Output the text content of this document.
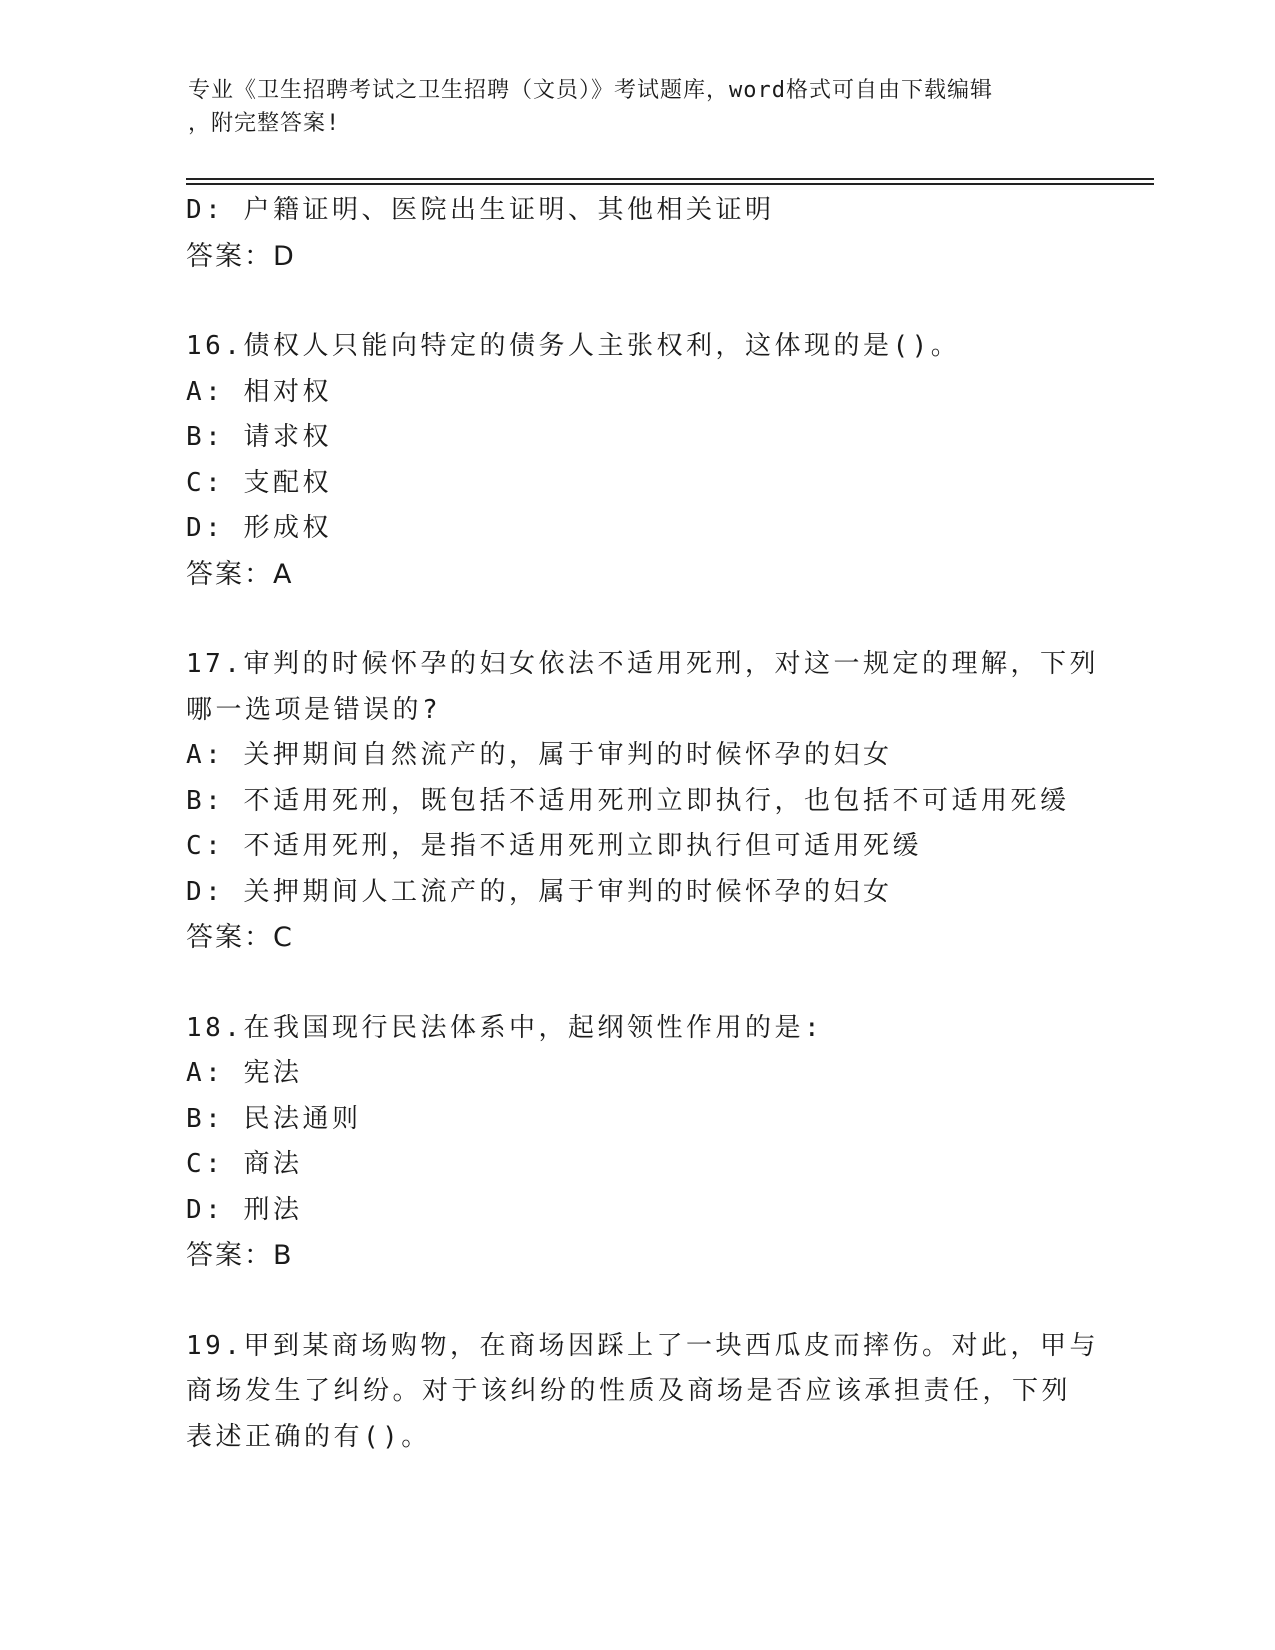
专业《卫生招聘考试之卫生招聘（文员）》考试题库，word格式可自由下载编辑
，附完整答案!
D: 户籍证明、医院出生证明、其他相关证明
答案：D
16.债权人只能向特定的债务人主张权利，这体现的是()。
A: 相对权
B: 请求权
C: 支配权
D: 形成权
答案：A
17.审判的时候怀孕的妇女依法不适用死刑，对这一规定的理解，下列
哪一选项是错误的?
A: 关押期间自然流产的，属于审判的时候怀孕的妇女
B: 不适用死刑，既包括不适用死刑立即执行，也包括不可适用死缓
C: 不适用死刑，是指不适用死刑立即执行但可适用死缓
D: 关押期间人工流产的，属于审判的时候怀孕的妇女
答案：C
18.在我国现行民法体系中，起纲领性作用的是:
A: 宪法
B: 民法通则
C: 商法
D: 刑法
答案：B
19.甲到某商场购物，在商场因踩上了一块西瓜皮而摔伤。对此，甲与
商场发生了纠纷。对于该纠纷的性质及商场是否应该承担责任，下列
表述正确的有()。
